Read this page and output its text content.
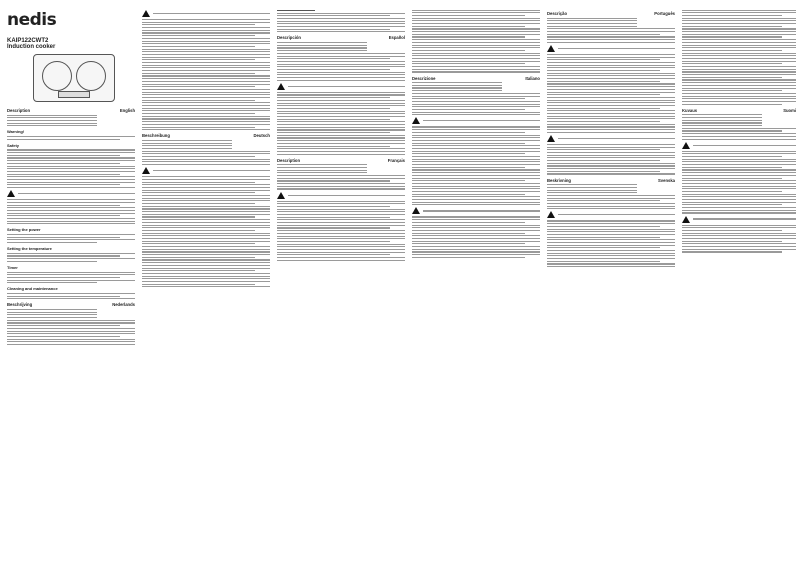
nedis
KAIP122CWT2
Induction cooker
Description	English
Warning!
Safety
Setting the power
Setting the temperature
Timer
Cleaning and maintenance
Beschrijving	Nederlands
Beschreibung	Deutsch
Descripción	Español
Description	Français
Descrizione	Italiano
Descrição	Português
Beskrivning	Svenska
Kuvaus	Suomi
